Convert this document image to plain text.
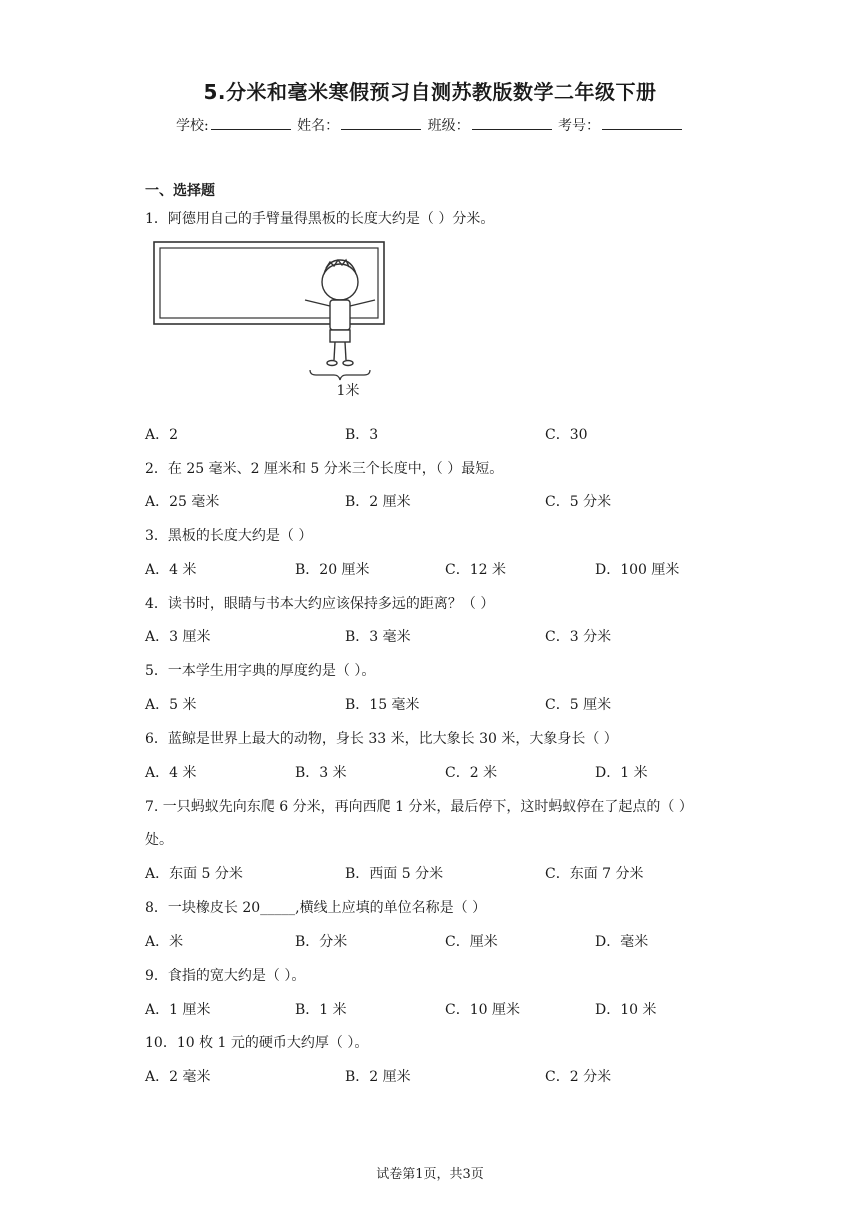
5.分米和毫米寒假预习自测苏教版数学二年级下册
学校:	姓名：	班级：	考号：
一、选择题
1．阿德用自己的手臂量得黑板的长度大约是（ ）分米。
1米
A．2	B．3	C．30
2．在 25 毫米、2 厘米和 5 分米三个长度中，（ ）最短。
A．25 毫米	B．2 厘米	C．5 分米
3．黑板的长度大约是（ ）
A．4 米	B．20 厘米	C．12 米	D．100 厘米
4．读书时，眼睛与书本大约应该保持多远的距离？（ ）
A．3 厘米	B．3 毫米	C．3 分米
5．一本学生用字典的厚度约是（ ）。
A．5 米	B．15 毫米	C．5 厘米
6．蓝鲸是世界上最大的动物，身长 33 米，比大象长 30 米，大象身长（ ）
A．4 米	B．3 米	C．2 米	D．1 米
7. 一只蚂蚁先向东爬 6 分米，再向西爬 1 分米，最后停下，这时蚂蚁停在了起点的（ ）
处。
A．东面 5 分米	B．西面 5 分米	C．东面 7 分米
8．一块橡皮长 20_____,横线上应填的单位名称是（ ）
A．米	B．分米	C．厘米	D．毫米
9．食指的宽大约是（ ）。
A．1 厘米	B．1 米	C．10 厘米	D．10 米
10．10 枚 1 元的硬币大约厚（ ）。
A．2 毫米	B．2 厘米	C．2 分米
试卷第1页，共3页
